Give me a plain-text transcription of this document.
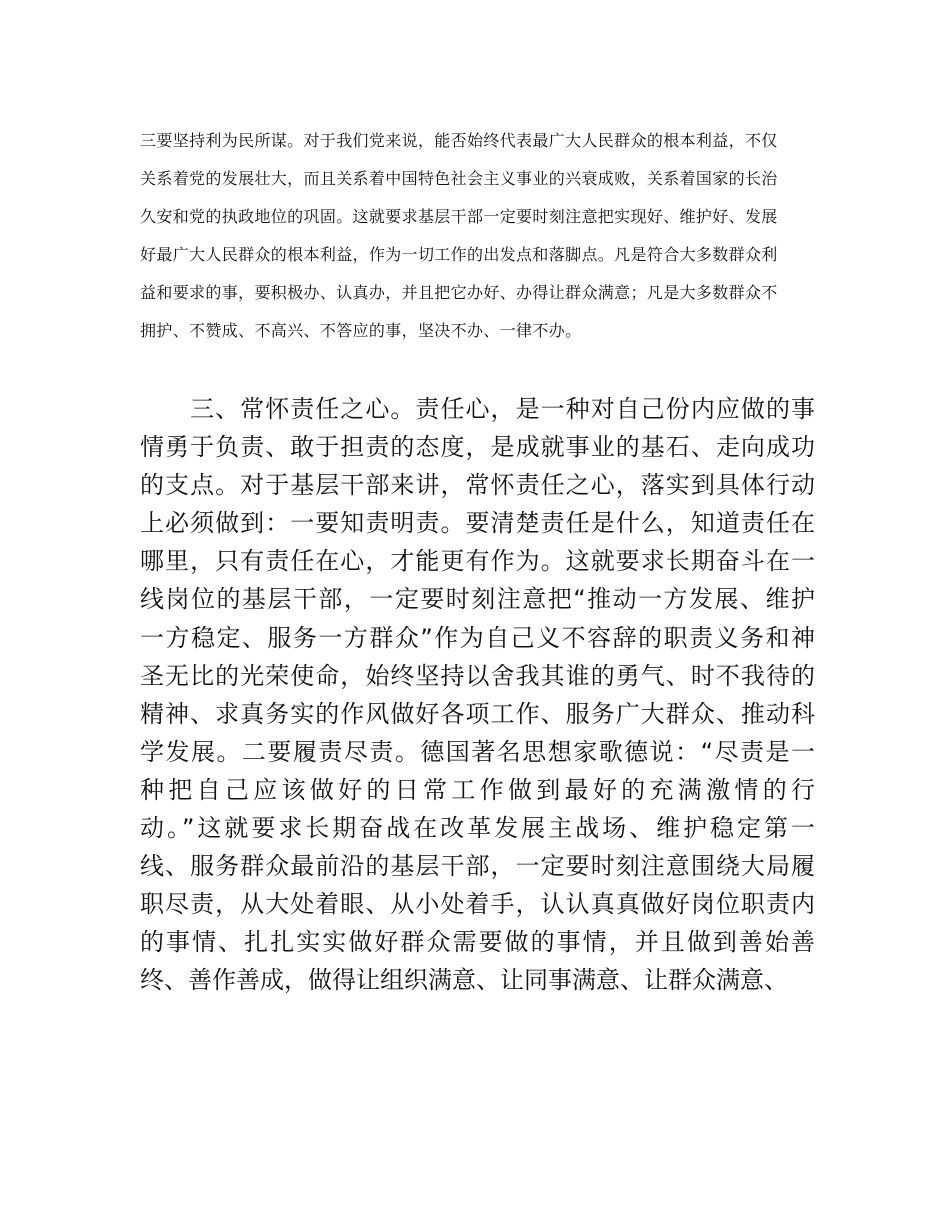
三要坚持利为民所谋。对于我们党来说，能否始终代表最广大人民群众的根本利益，不仅
关系着党的发展壮大，而且关系着中国特色社会主义事业的兴衰成败，关系着国家的长治
久安和党的执政地位的巩固。这就要求基层干部一定要时刻注意把实现好、维护好、发展
好最广大人民群众的根本利益，作为一切工作的出发点和落脚点。凡是符合大多数群众利
益和要求的事，要积极办、认真办，并且把它办好、办得让群众满意；凡是大多数群众不
拥护、不赞成、不高兴、不答应的事，坚决不办、一律不办。
　　三、常怀责任之心。责任心，是一种对自己份内应做的事
情勇于负责、敢于担责的态度，是成就事业的基石、走向成功
的支点。对于基层干部来讲，常怀责任之心，落实到具体行动
上必须做到：一要知责明责。要清楚责任是什么，知道责任在
哪里，只有责任在心，才能更有作为。这就要求长期奋斗在一
线岗位的基层干部，一定要时刻注意把“推动一方发展、维护
一方稳定、服务一方群众”作为自己义不容辞的职责义务和神
圣无比的光荣使命，始终坚持以舍我其谁的勇气、时不我待的
精神、求真务实的作风做好各项工作、服务广大群众、推动科
学发展。二要履责尽责。德国著名思想家歌德说：“尽责是一
种把自己应该做好的日常工作做到最好的充满激情的行
动。”这就要求长期奋战在改革发展主战场、维护稳定第一
线、服务群众最前沿的基层干部，一定要时刻注意围绕大局履
职尽责，从大处着眼、从小处着手，认认真真做好岗位职责内
的事情、扎扎实实做好群众需要做的事情，并且做到善始善
终、善作善成，做得让组织满意、让同事满意、让群众满意、
